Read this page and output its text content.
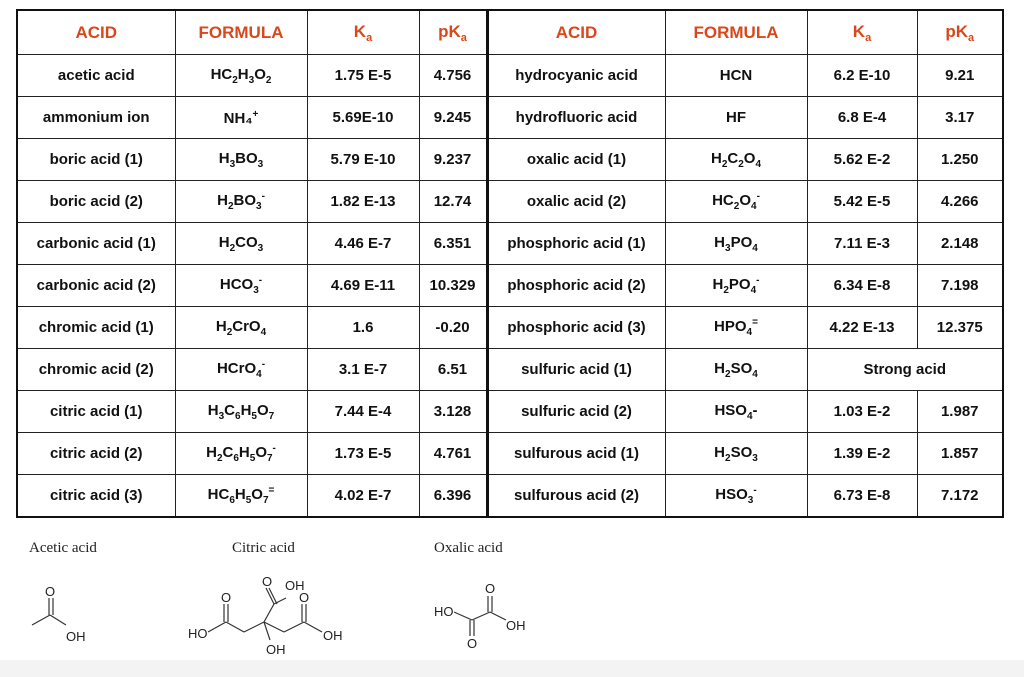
ACID	FORMULA	$K_a$	$pK_a$	ACID	FORMULA	$K_a$	$pK_a$
acetic acid	$HC_2H_3O_2$	1.75 E-5	4.756	hydrocyanic acid	HCN	6.2 E-10	9.21
ammonium ion	NH₄+	5.69E-10	9.245	hydrofluoric acid	HF	6.8 E-4	3.17
boric acid (1)	$H_3BO_3$	5.79 E-10	9.237	oxalic acid (1)	$H_2C_2O_4$	5.62 E-2	1.250
boric acid (2)	$H_2BO_3^-$	1.82 E-13	12.74	oxalic acid (2)	$HC_2O_4^-$	5.42 E-5	4.266
carbonic acid (1)	$H_2CO_3$	4.46 E-7	6.351	phosphoric acid (1)	$H_3PO_4$	7.11 E-3	2.148
carbonic acid (2)	$HCO_3^-$	4.69 E-11	10.329	phosphoric acid (2)	$H_2PO_4^-$	6.34 E-8	7.198
chromic acid (1)	$H_2CrO_4$	1.6	-0.20	phosphoric acid (3)	$HPO_4^=$	4.22 E-13	12.375
chromic acid (2)	HCrO$_4$-	3.1 E-7	6.51	sulfuric acid (1)	$H_2SO_4$	Strong acid	
citric acid (1)	$H_3C_6H_5O_7$	7.44 E-4	3.128	sulfuric acid (2)	$HSO_4-$	1.03 E-2	1.987
citric acid (2)	$H_2C_6H_5O_7^-$	1.73 E-5	4.761	sulfurous acid (1)	$H_2SO_3$	1.39 E-2	1.857
citric acid (3)	$HC_6H_5O_7^=$	4.02 E-7	6.396	sulfurous acid (2)	$HSO_3^-$	6.73 E-8	7.172
Acetic acid	Citric acid	Oxalic acid
O
OH	HO
O
O OH
OH
O
OH
HO
O
O
OH
